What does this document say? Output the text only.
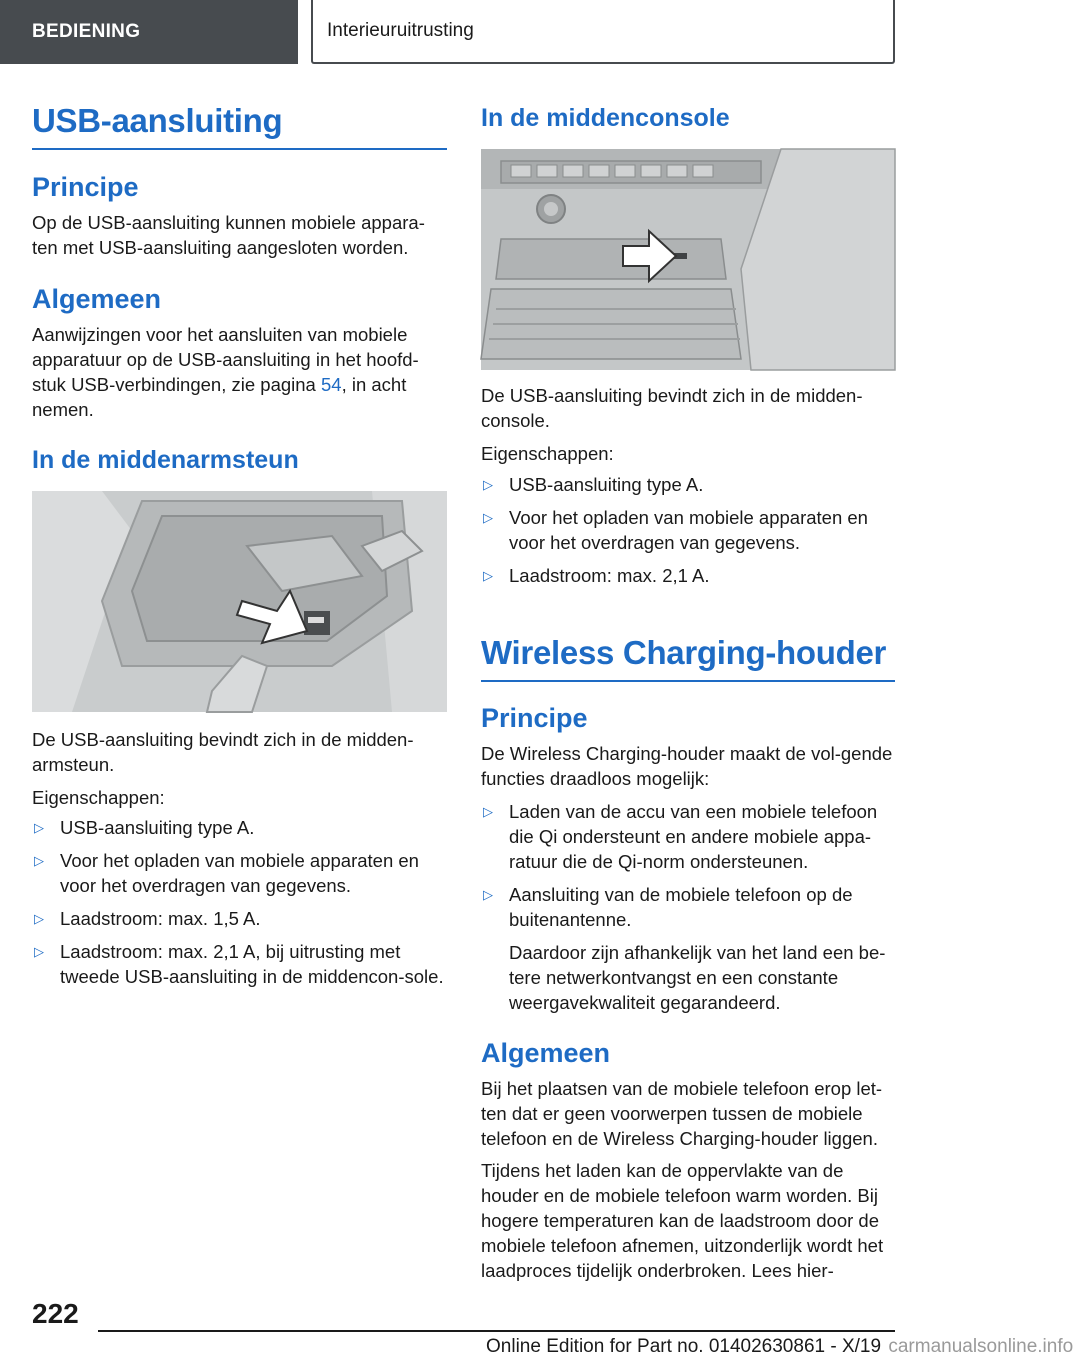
BEDIENING	Interieuruitrusting
USB-aansluiting
Principe

Op de USB-aansluiting kunnen mobiele appara-ten met USB-aansluiting aangesloten worden.

Algemeen

Aanwijzingen voor het aansluiten van mobiele apparatuur op de USB-aansluiting in het hoofd-stuk USB-verbindingen, zie pagina 54, in acht nemen.

In de middenarmsteun

De USB-aansluiting bevindt zich in de midden-armsteun.

Eigenschappen:

▷ USB-aansluiting type A.
▷ Voor het opladen van mobiele apparaten en voor het overdragen van gegevens.
▷ Laadstroom: max. 1,5 A.
▷ Laadstroom: max. 2,1 A, bij uitrusting met tweede USB-aansluiting in de middencon-sole.
In de middenconsole

De USB-aansluiting bevindt zich in de midden-console.

Eigenschappen:

▷ USB-aansluiting type A.
▷ Voor het opladen van mobiele apparaten en voor het overdragen van gegevens.
▷ Laadstroom: max. 2,1 A.
Wireless Charging-houder
Principe

De Wireless Charging-houder maakt de vol-gende functies draadloos mogelijk:

▷ Laden van de accu van een mobiele telefoon die Qi ondersteunt en andere mobiele appa-ratuur die de Qi-norm ondersteunen.
▷ Aansluiting van de mobiele telefoon op de buitenantenne.

Daardoor zijn afhankelijk van het land een be-tere netwerkontvangst en een constante weergavekwaliteit gegarandeerd.

Algemeen

Bij het plaatsen van de mobiele telefoon erop let-ten dat er geen voorwerpen tussen de mobiele telefoon en de Wireless Charging-houder liggen.

Tijdens het laden kan de oppervlakte van de houder en de mobiele telefoon warm worden. Bij hogere temperaturen kan de laadstroom door de mobiele telefoon afnemen, uitzonderlijk wordt het laadproces tijdelijk onderbroken. Lees hier-

222
Online Edition for Part no. 01402630861 - X/19 carmanualsonline.info
